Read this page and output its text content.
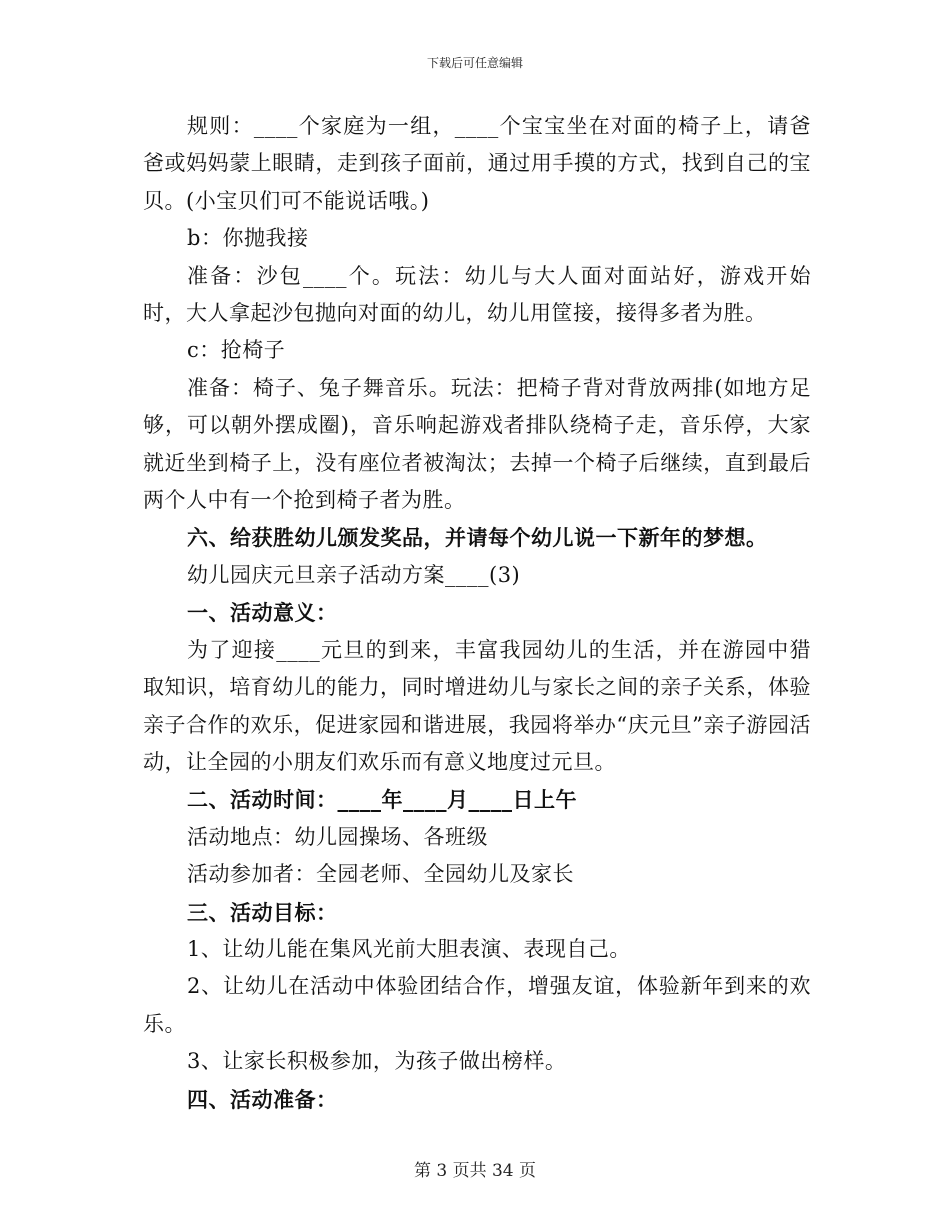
下载后可任意编辑

规则：____个家庭为一组，____个宝宝坐在对面的椅子上，请爸爸或妈妈蒙上眼睛，走到孩子面前，通过用手摸的方式，找到自己的宝贝。(小宝贝们可不能说话哦。)

b：你抛我接

准备：沙包____个。玩法：幼儿与大人面对面站好，游戏开始时，大人拿起沙包抛向对面的幼儿，幼儿用筐接，接得多者为胜。

c：抢椅子

准备：椅子、兔子舞音乐。玩法：把椅子背对背放两排(如地方足够，可以朝外摆成圈)，音乐响起游戏者排队绕椅子走，音乐停，大家就近坐到椅子上，没有座位者被淘汰；去掉一个椅子后继续，直到最后两个人中有一个抢到椅子者为胜。

六、给获胜幼儿颁发奖品，并请每个幼儿说一下新年的梦想。

幼儿园庆元旦亲子活动方案____(3)

一、活动意义：

为了迎接____元旦的到来，丰富我园幼儿的生活，并在游园中猎取知识，培育幼儿的能力，同时增进幼儿与家长之间的亲子关系，体验亲子合作的欢乐，促进家园和谐进展，我园将举办“庆元旦”亲子游园活动，让全园的小朋友们欢乐而有意义地度过元旦。

二、活动时间：____年____月____日上午

活动地点：幼儿园操场、各班级

活动参加者：全园老师、全园幼儿及家长

三、活动目标：

1、让幼儿能在集风光前大胆表演、表现自己。

2、让幼儿在活动中体验团结合作，增强友谊，体验新年到来的欢乐。

3、让家长积极参加，为孩子做出榜样。

四、活动准备：

第 3 页共 34 页
